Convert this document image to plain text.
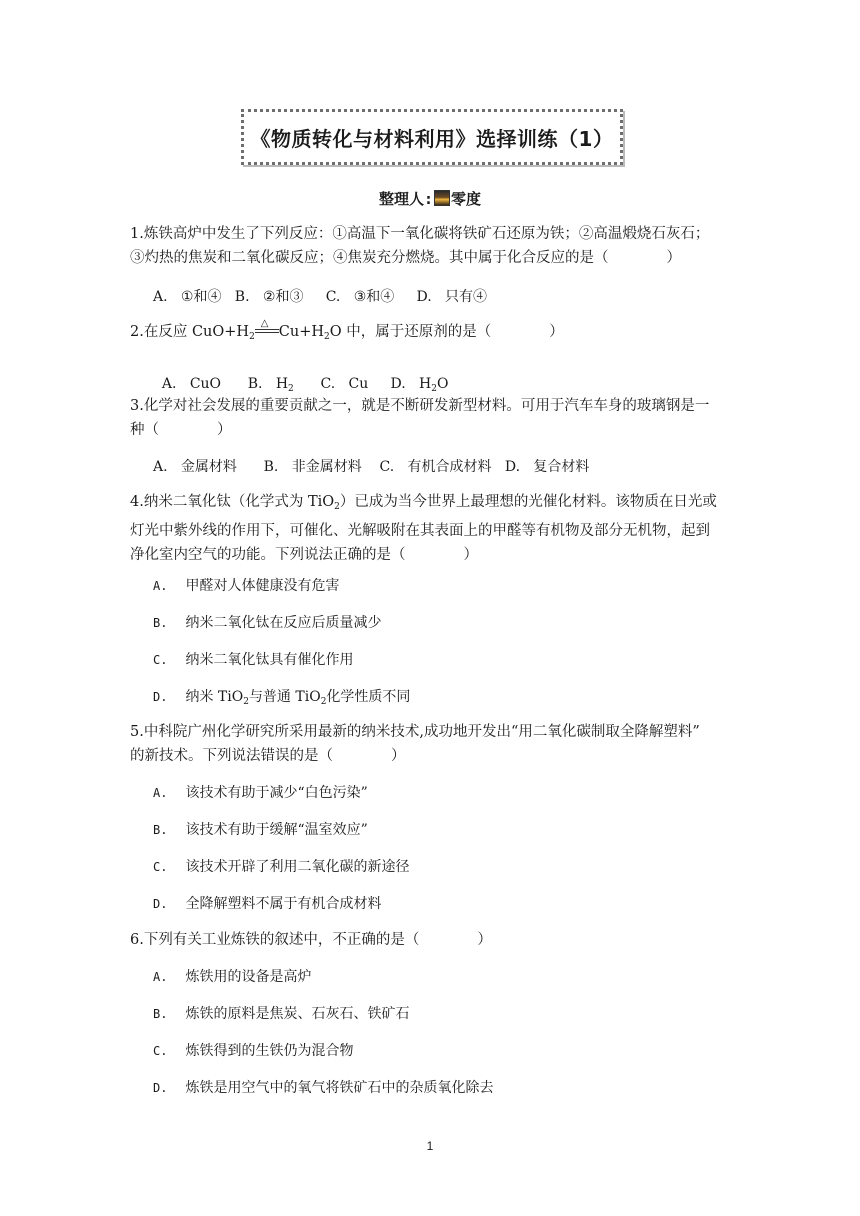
《物质转化与材料利用》选择训练（1）
整理人: 零度
1.炼铁高炉中发生了下列反应：①高温下一氧化碳将铁矿石还原为铁；②高温煅烧石灰石；
③灼热的焦炭和二氧化碳反应；④焦炭充分燃烧。其中属于化合反应的是（　　　　）
A.   ①和④   B.   ②和③     C.   ③和④     D.   只有④
2.在反应 $CuO+H_2$
△
$Cu+H_2O$ 中，属于还原剂的是（　　　　）

A.   CuO B.   $H_2$ C.   Cu D.   $H_2O$

3.化学对社会发展的重要贡献之一，就是不断研发新型材料。可用于汽车车身的玻璃钢是一
种（　　　　）
A.   金属材料      B.   非金属材料    C.   有机合成材料   D.   复合材料
4.纳米二氧化钛（化学式为 TiO$_2$）已成为当今世界上最理想的光催化材料。该物质在日光或
灯光中紫外线的作用下，可催化、光解吸附在其表面上的甲醛等有机物及部分无机物，起到
净化室内空气的功能。下列说法正确的是（　　　　）
A. 甲醛对人体健康没有危害
B. 纳米二氧化钛在反应后质量减少
C. 纳米二氧化钛具有催化作用
D. 纳米 TiO$_2$与普通 TiO$_2$化学性质不同
5.中科院广州化学研究所采用最新的纳米技术,成功地开发出“用二氧化碳制取全降解塑料”
的新技术。下列说法错误的是（　　　　）
A. 该技术有助于减少“白色污染”
B. 该技术有助于缓解“温室效应”
C. 该技术开辟了利用二氧化碳的新途径
D. 全降解塑料不属于有机合成材料
6.下列有关工业炼铁的叙述中，不正确的是（　　　　）
A. 炼铁用的设备是高炉
B. 炼铁的原料是焦炭、石灰石、铁矿石
C. 炼铁得到的生铁仍为混合物
D. 炼铁是用空气中的氧气将铁矿石中的杂质氧化除去
1
